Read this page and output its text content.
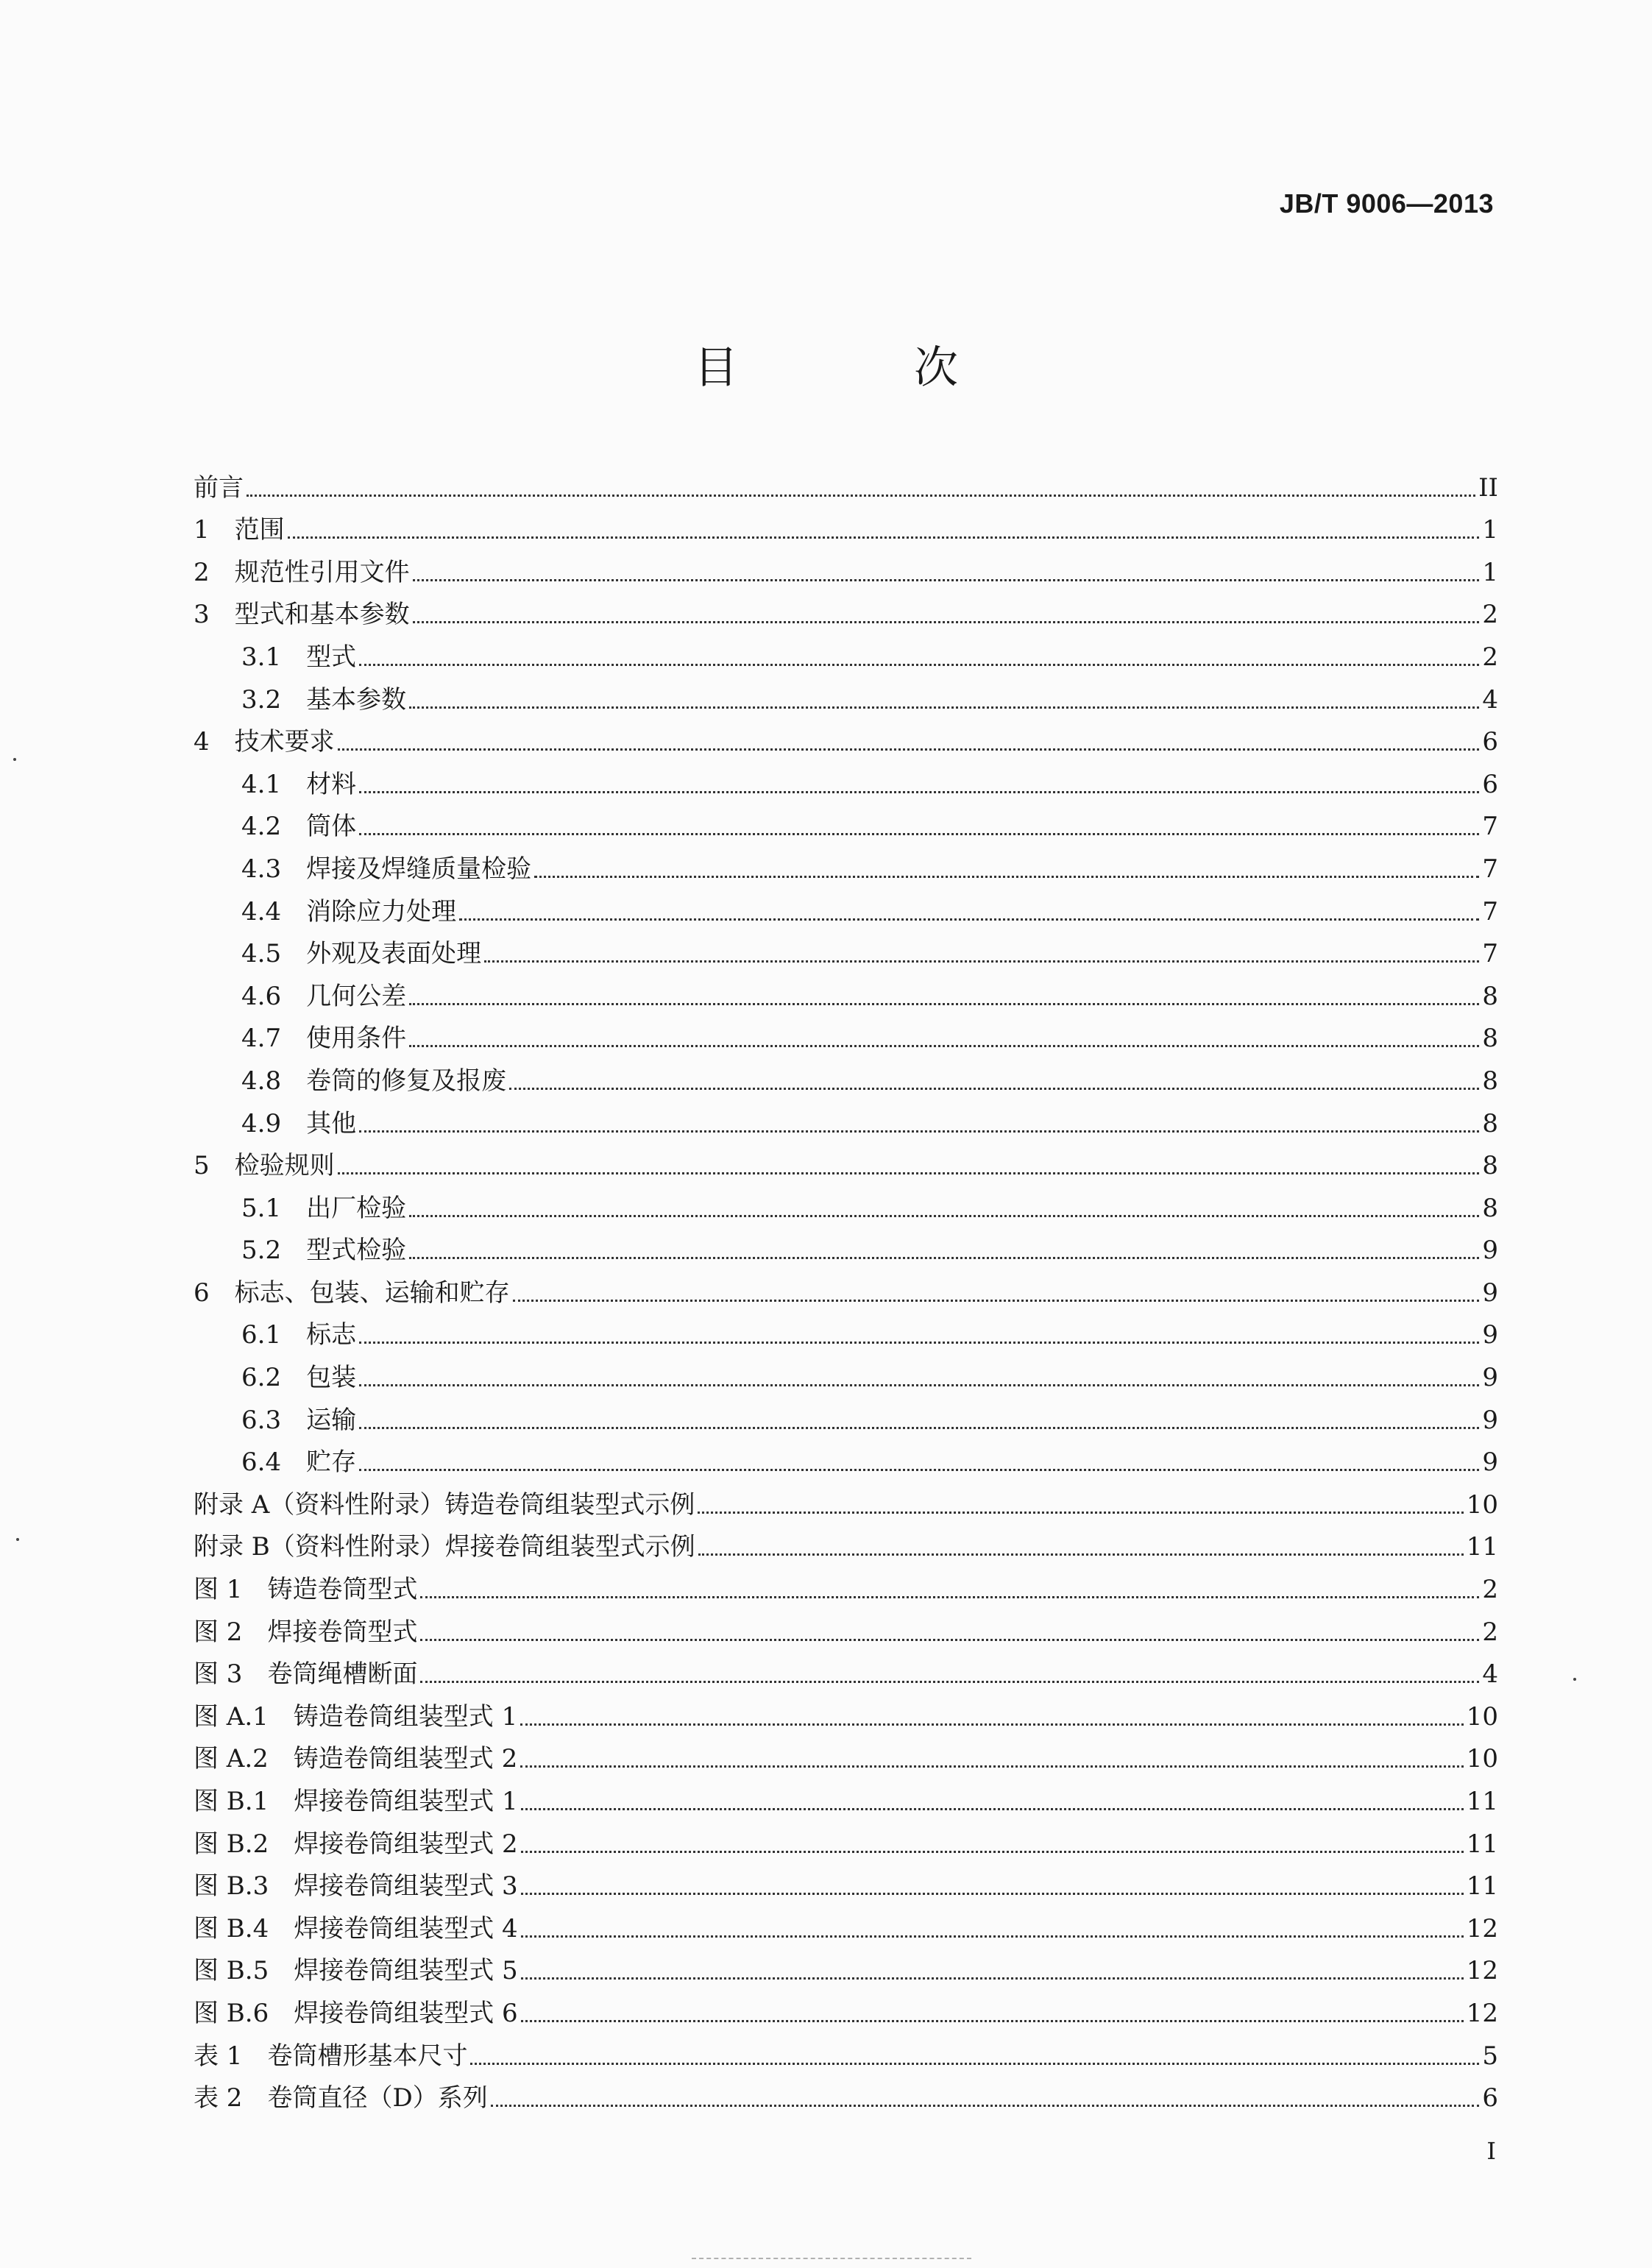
JB/T 9006—2013
目 次
前言	II
1　范围	1
2　规范性引用文件	1
3　型式和基本参数	2
3.1　型式	2
3.2　基本参数	4
4　技术要求	6
4.1　材料	6
4.2　筒体	7
4.3　焊接及焊缝质量检验	7
4.4　消除应力处理	7
4.5　外观及表面处理	7
4.6　几何公差	8
4.7　使用条件	8
4.8　卷筒的修复及报废	8
4.9　其他	8
5　检验规则	8
5.1　出厂检验	8
5.2　型式检验	9
6　标志、包装、运输和贮存	9
6.1　标志	9
6.2　包装	9
6.3　运输	9
6.4　贮存	9
附录 A（资料性附录）铸造卷筒组装型式示例	10
附录 B（资料性附录）焊接卷筒组装型式示例	11
图 1　铸造卷筒型式	2
图 2　焊接卷筒型式	2
图 3　卷筒绳槽断面	4
图 A.1　铸造卷筒组装型式 1	10
图 A.2　铸造卷筒组装型式 2	10
图 B.1　焊接卷筒组装型式 1	11
图 B.2　焊接卷筒组装型式 2	11
图 B.3　焊接卷筒组装型式 3	11
图 B.4　焊接卷筒组装型式 4	12
图 B.5　焊接卷筒组装型式 5	12
图 B.6　焊接卷筒组装型式 6	12
表 1　卷筒槽形基本尺寸	5
表 2　卷筒直径（D）系列	6
I
